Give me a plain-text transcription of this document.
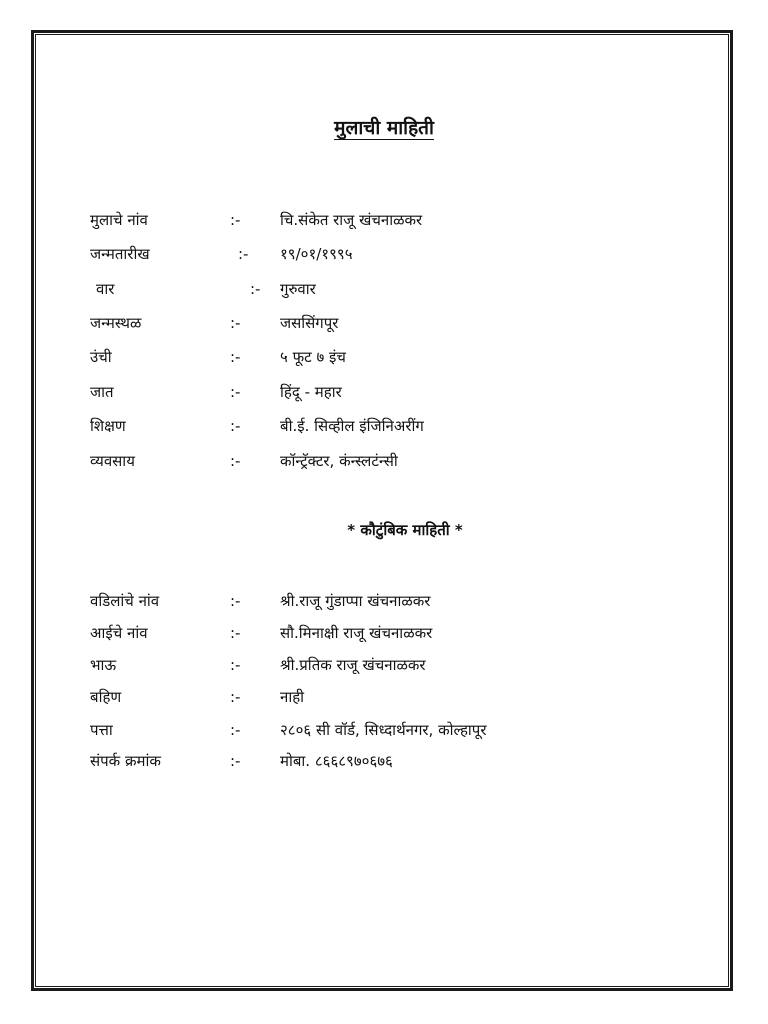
मुलाची माहिती
मुलाचे नांव	:-	चि.संकेत राजू खंचनाळकर
जन्मतारीख	:- १९/०१/१९९५
वार	:- गुरुवार
जन्मस्थळ	:-	जससिंगपूर
उंची	:-	५ फूट ७ इंच
जात	:-	हिंदू - महार
शिक्षण	:-	बी.ई. सिव्हील इंजिनिअरींग
व्यवसाय	:-	कॉन्ट्रॅक्टर, कंन्स्लटंन्सी
* कौटुंबिक माहिती *
वडिलांचे नांव	:-	श्री.राजू गुंडाप्पा खंचनाळकर
आईचे नांव	:-	सौ.मिनाक्षी राजू खंचनाळकर
भाऊ	:-	श्री.प्रतिक राजू खंचनाळकर
बहिण	:-	नाही
पत्ता	:-	२८०६ सी वॉर्ड, सिध्दार्थनगर, कोल्हापूर
संपर्क क्रमांक	:-	मोबा. ८६६८९७०६७६
